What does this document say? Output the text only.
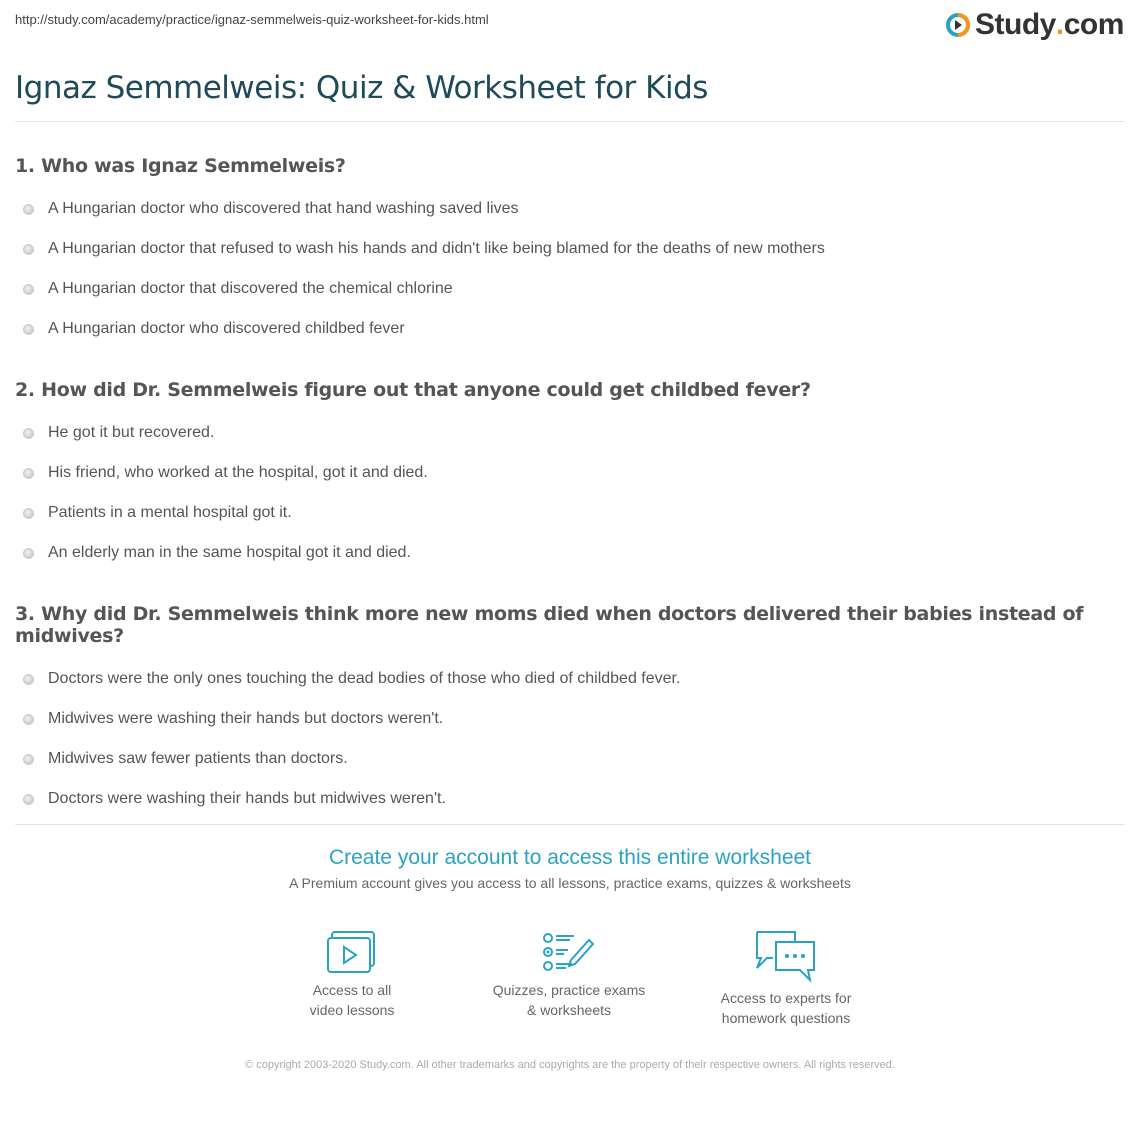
http://study.com/academy/practice/ignaz-semmelweis-quiz-worksheet-for-kids.html	Study . com
Ignaz Semmelweis: Quiz & Worksheet for Kids
1. Who was Ignaz Semmelweis?
A Hungarian doctor who discovered that hand washing saved lives
A Hungarian doctor that refused to wash his hands and didn't like being blamed for the deaths of new mothers
A Hungarian doctor that discovered the chemical chlorine
A Hungarian doctor who discovered childbed fever
2. How did Dr. Semmelweis figure out that anyone could get childbed fever?
He got it but recovered.
His friend, who worked at the hospital, got it and died.
Patients in a mental hospital got it.
An elderly man in the same hospital got it and died.
3. Why did Dr. Semmelweis think more new moms died when doctors delivered their babies instead of midwives?
Doctors were the only ones touching the dead bodies of those who died of childbed fever.
Midwives were washing their hands but doctors weren't.
Midwives saw fewer patients than doctors.
Doctors were washing their hands but midwives weren't.
Create your account to access this entire worksheet
A Premium account gives you access to all lessons, practice exams, quizzes & worksheets
Access to all
video lessons
Quizzes, practice exams
& worksheets
Access to experts for
homework questions
© copyright 2003-2020 Study.com. All other trademarks and copyrights are the property of their respective owners. All rights reserved.
